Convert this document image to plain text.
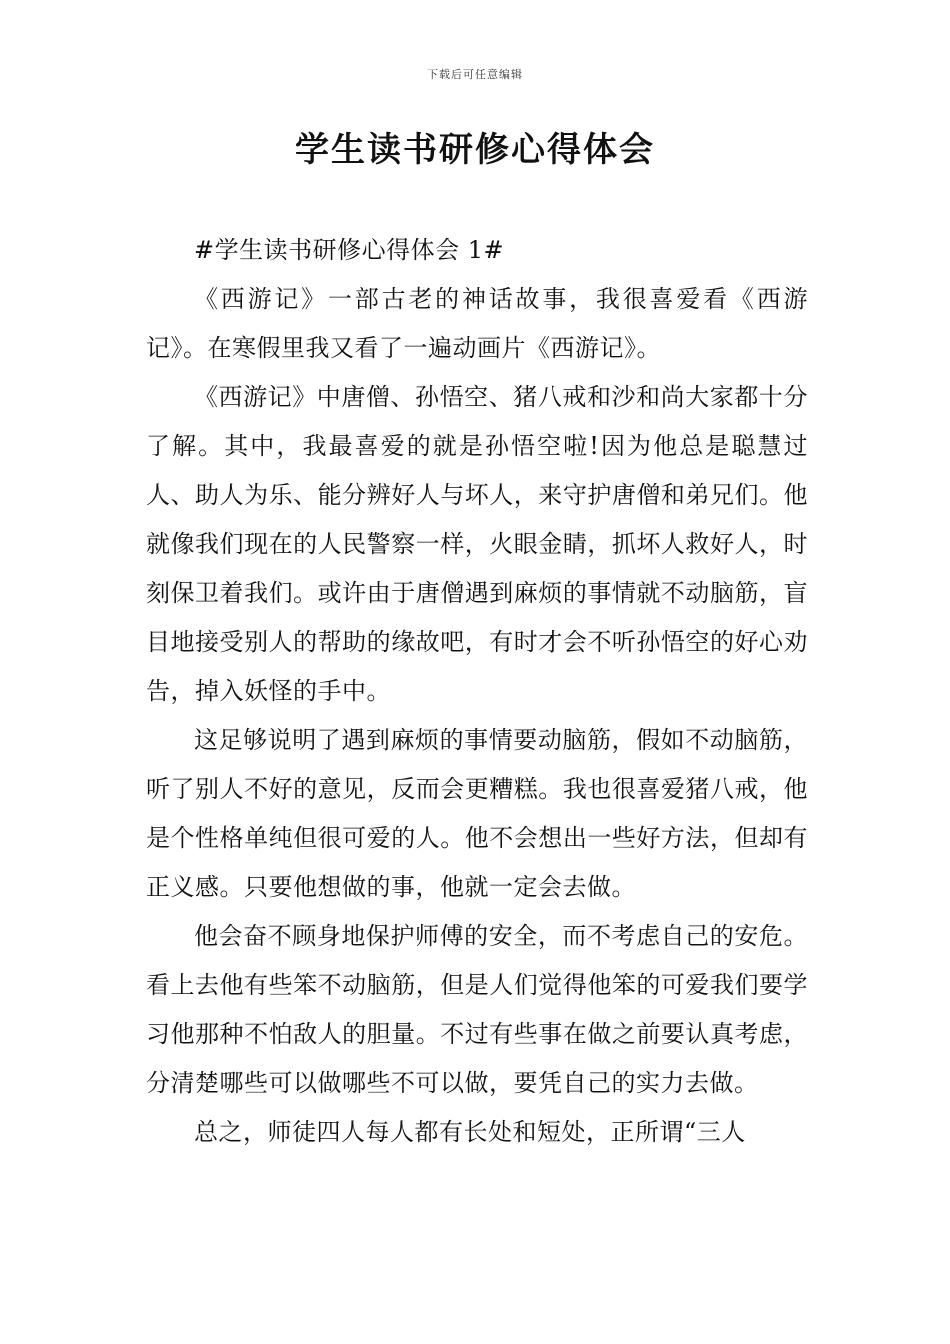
下载后可任意编辑
学生读书研修心得体会

#学生读书研修心得体会 1#

《西游记》一部古老的神话故事，我很喜爱看《西游记》。在寒假里我又看了一遍动画片《西游记》。

《西游记》中唐僧、孙悟空、猪八戒和沙和尚大家都十分了解。其中，我最喜爱的就是孙悟空啦!因为他总是聪慧过人、助人为乐、能分辨好人与坏人，来守护唐僧和弟兄们。他就像我们现在的人民警察一样，火眼金睛，抓坏人救好人，时刻保卫着我们。或许由于唐僧遇到麻烦的事情就不动脑筋，盲目地接受别人的帮助的缘故吧，有时才会不听孙悟空的好心劝告，掉入妖怪的手中。

这足够说明了遇到麻烦的事情要动脑筋，假如不动脑筋，听了别人不好的意见，反而会更糟糕。我也很喜爱猪八戒，他是个性格单纯但很可爱的人。他不会想出一些好方法，但却有正义感。只要他想做的事，他就一定会去做。

他会奋不顾身地保护师傅的安全，而不考虑自己的安危。看上去他有些笨不动脑筋，但是人们觉得他笨的可爱我们要学习他那种不怕敌人的胆量。不过有些事在做之前要认真考虑，分清楚哪些可以做哪些不可以做，要凭自己的实力去做。

总之，师徒四人每人都有长处和短处，正所谓“三人
